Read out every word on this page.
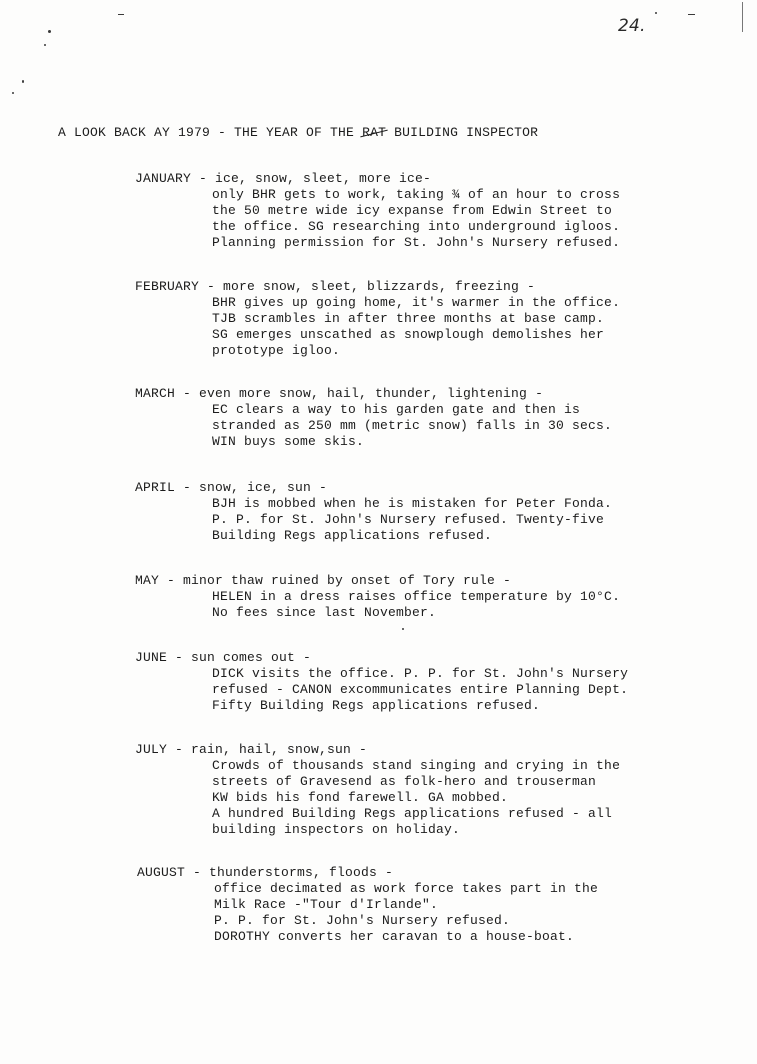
24.
A LOOK BACK AY 1979 - THE YEAR OF THE RAT BUILDING INSPECTOR
JANUARY - ice, snow, sleet, more ice-
only BHR gets to work, taking ¾ of an hour to cross
the 50 metre wide icy expanse from Edwin Street to
the office. SG researching into underground igloos.
Planning permission for St. John's Nursery refused.
FEBRUARY - more snow, sleet, blizzards, freezing -
BHR gives up going home, it's warmer in the office.
TJB scrambles in after three months at base camp.
SG emerges unscathed as snowplough demolishes her
prototype igloo.
MARCH - even more snow, hail, thunder, lightening -
EC clears a way to his garden gate and then is
stranded as 250 mm (metric snow) falls in 30 secs.
WIN buys some skis.
APRIL - snow, ice, sun -
BJH is mobbed when he is mistaken for Peter Fonda.
P. P. for St. John's Nursery refused. Twenty-five
Building Regs applications refused.
MAY - minor thaw ruined by onset of Tory rule -
HELEN in a dress raises office temperature by 10°C.
No fees since last November.
JUNE - sun comes out -
DICK visits the office. P. P. for St. John's Nursery
refused - CANON excommunicates entire Planning Dept.
Fifty Building Regs applications refused.
JULY - rain, hail, snow,sun -
Crowds of thousands stand singing and crying in the
streets of Gravesend as folk-hero and trouserman
KW bids his fond farewell. GA mobbed.
A hundred Building Regs applications refused - all
building inspectors on holiday.
AUGUST - thunderstorms, floods -
office decimated as work force takes part in the
Milk Race -"Tour d'Irlande".
P. P. for St. John's Nursery refused.
DOROTHY converts her caravan to a house-boat.
